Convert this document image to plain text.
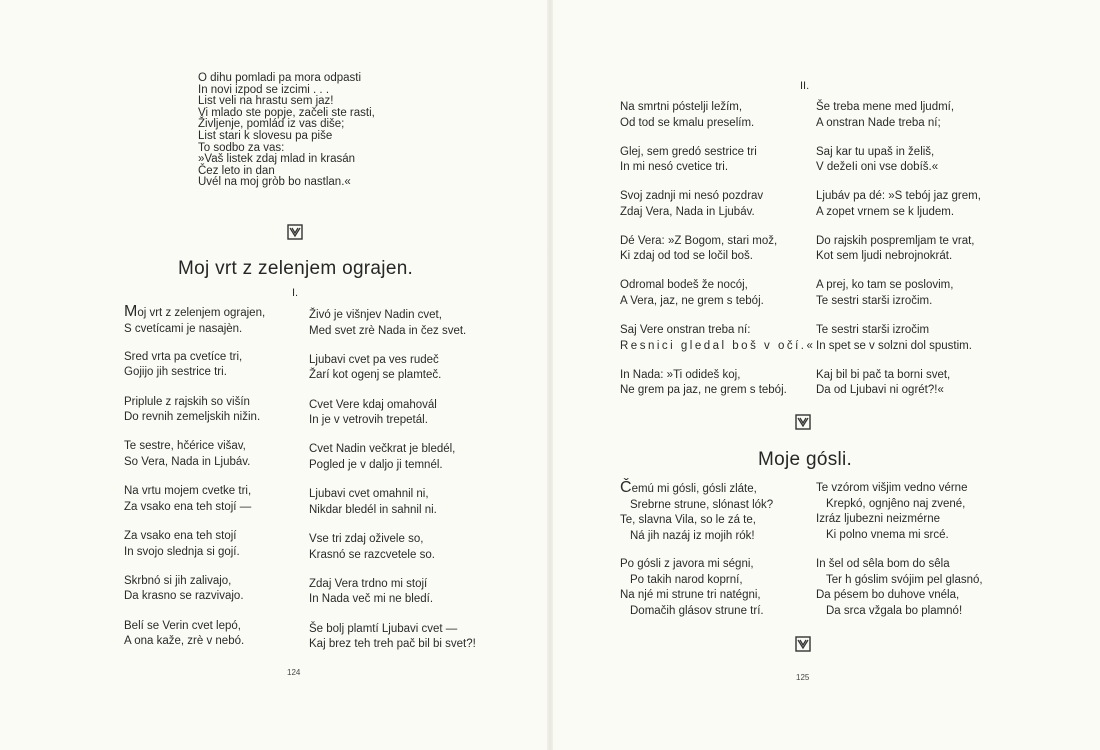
O dihu pomladi pa mora odpasti
In novi izpod se izcimi . . .
List veli na hrastu sem jaz!
Vi mlado ste popje, začeli ste rasti,
Življenje, pomlád iz vas diše;
List stari k slovesu pa piše
To sodbo za vas:
»Vaš listek zdaj mlad in krasán
Čez leto in dan
Uvél na moj gròb bo nastlan.«
Moj vrt z zelenjem ograjen.
I.
Moj vrt z zelenjem ograjen,
S cvetícami je nasajèn.
Sred vrta pa cvetíce tri,
Gojijo jih sestrice tri.
Priplule z rajskih so višín
Do revnih zemeljskih nižin.
Te sestre, hčérice višav,
So Vera, Nada in Ljubáv.
Na vrtu mojem cvetke tri,
Za vsako ena teh stojí —
Za vsako ena teh stojí
In svojo slednja si gojí.
Skrbnó si jih zalivajo,
Da krasno se razvivajo.
Belí se Verin cvet lepó,
A ona kaže, zrè v nebó.
Živó je višnjev Nadin cvet,
Med svet zrè Nada in čez svet.
Ljubavi cvet pa ves rudeč
Žarí kot ogenj se plamteč.
Cvet Vere kdaj omahovál
In je v vetrovih trepetál.
Cvet Nadin večkrat je bledél,
Pogled je v daljo ji temnél.
Ljubavi cvet omahnil ni,
Nikdar bledél in sahnil ni.
Vse tri zdaj oživele so,
Krasnó se razcvetele so.
Zdaj Vera trdno mi stojí
In Nada več mi ne bledí.
Še bolj plamtí Ljubavi cvet —
Kaj brez teh treh pač bil bi svet?!
124
II.
Na smrtni póstelji ležím,
Od tod se kmalu preselím.
Glej, sem gredó sestrice tri
In mi nesó cvetice tri.
Svoj zadnji mi nesó pozdrav
Zdaj Vera, Nada in Ljubáv.
Dé Vera: »Z Bogom, stari mož,
Ki zdaj od tod se ločil boš.
Odromal bodeš že nocój,
A Vera, jaz, ne grem s tebój.
Saj Vere onstran treba ní:
Resnici gledal boš v očí.«
In Nada: »Ti odideš koj,
Ne grem pa jaz, ne grem s tebój.
Še treba mene med ljudmí,
A onstran Nade treba ní;
Saj kar tu upaš in želiš,
V dežeIi oni vse dobíš.«
Ljubáv pa dé: »S tebój jaz grem,
A zopet vrnem se k ljudem.
Do rajskih pospremljam te vrat,
Kot sem ljudi nebrojnokrát.
A prej, ko tam se poslovim,
Te sestri starši izročim.
Te sestri starši izročim
In spet se v solzni dol spustim.
Kaj bil bi pač ta borni svet,
Da od Ljubavi ni ogrét?!«
Moje gósli.
Čemú mi gósli, gósli zláte,
Srebrne strune, slónast lók?
Te, slavna Vila, so le zá te,
Ná jih nazáj iz mojih rók!
Po gósli z javora mi ségni,
Po takih narod koprní,
Na njé mi strune tri natégni,
Domačih glásov strune trí.
Te vzórom višjim vedno vérne
Krepkó, ognjêno naj zvené,
Izráz ljubezni neizmérne
Ki polno vnema mi srcé.
In šel od sêla bom do sêla
Ter h góslim svójim pel glasnó,
Da pésem bo duhove vnéla,
Da srca vžgala bo plamnó!
125
